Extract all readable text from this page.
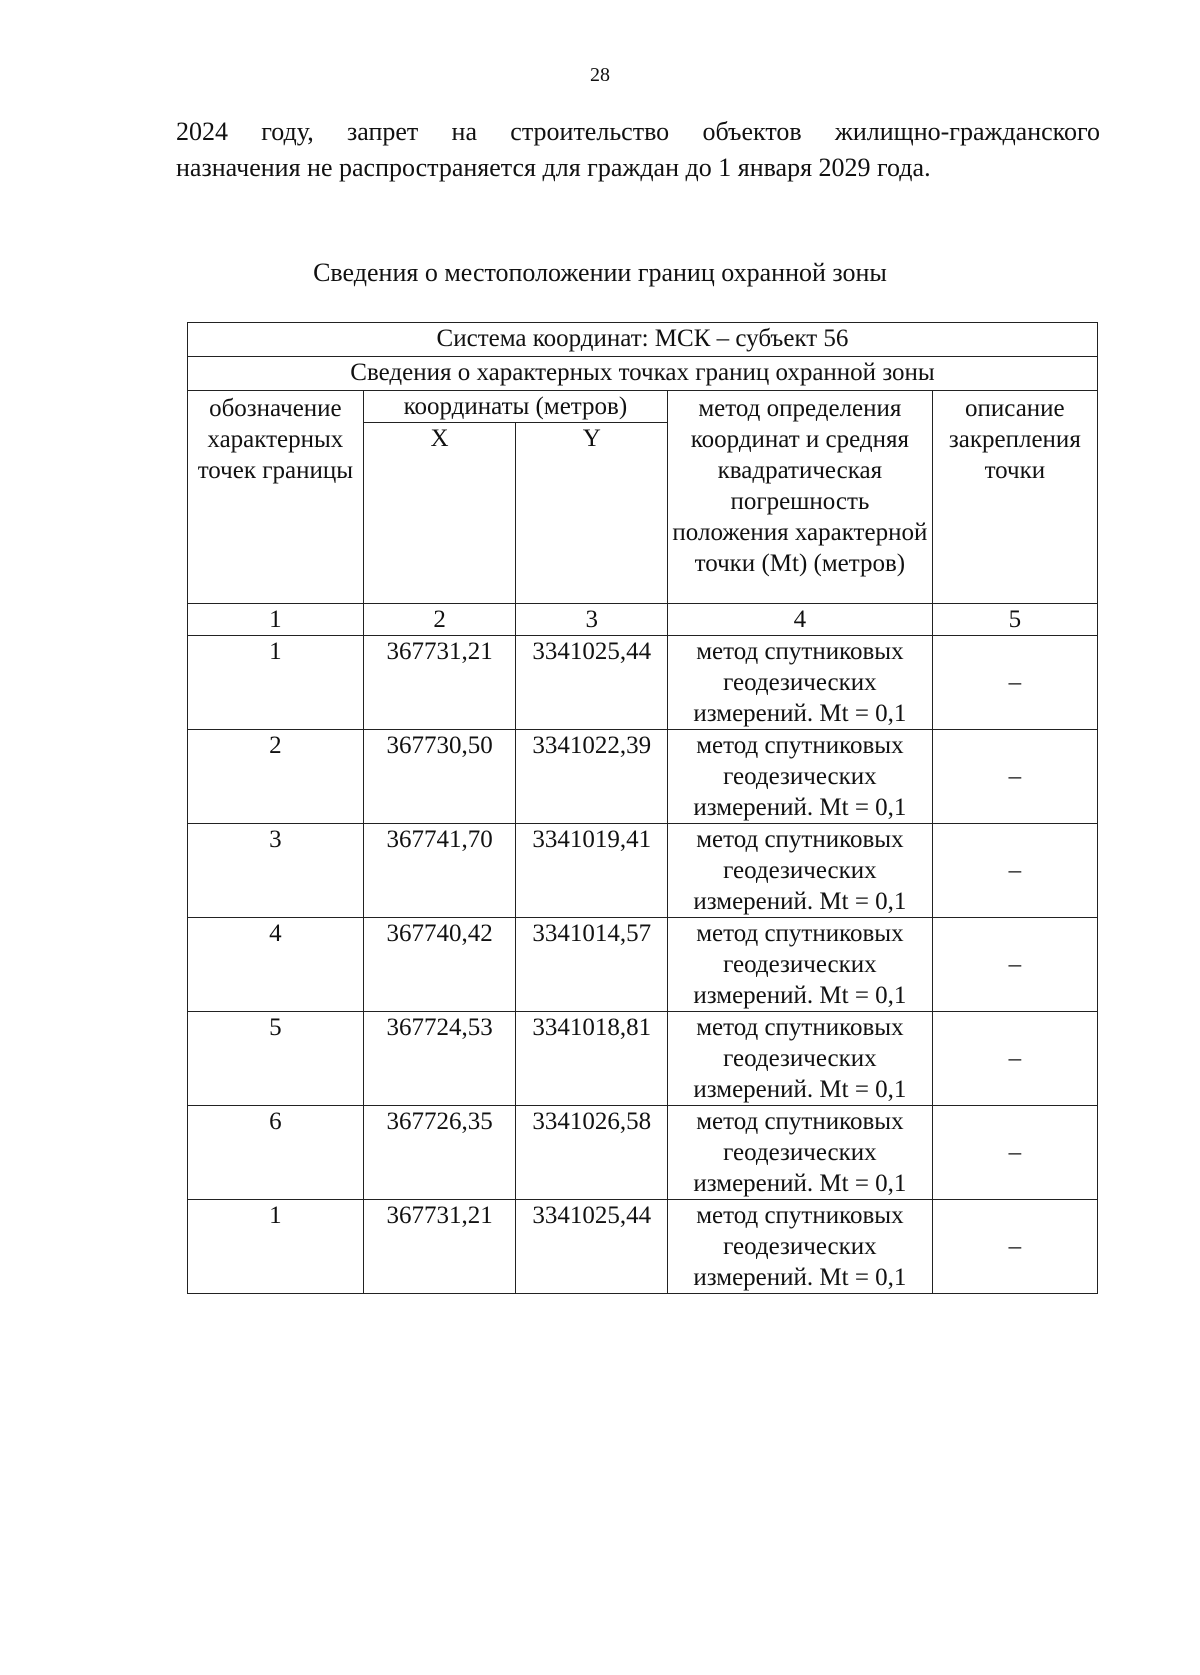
28
2024 году, запрет на строительство объектов жилищно-гражданского
назначения не распространяется для граждан до 1 января 2029 года.
Сведения о местоположении границ охранной зоны
Система координат: МСК – субъект 56				
Сведения о характерных точках границ охранной зоны				
обозначение характерных точек границы	координаты (метров)		метод определения координат и средняя квадратическая погрешность положения характерной точки (Mt) (метров)	описание закрепления точки
	X	Y		
1	2	3	4	5
1	367731,21	3341025,44	метод спутниковых геодезических измерений. Mt = 0,1	–
2	367730,50	3341022,39	метод спутниковых геодезических измерений. Mt = 0,1	–
3	367741,70	3341019,41	метод спутниковых геодезических измерений. Mt = 0,1	–
4	367740,42	3341014,57	метод спутниковых геодезических измерений. Mt = 0,1	–
5	367724,53	3341018,81	метод спутниковых геодезических измерений. Mt = 0,1	–
6	367726,35	3341026,58	метод спутниковых геодезических измерений. Mt = 0,1	–
1	367731,21	3341025,44	метод спутниковых геодезических измерений. Mt = 0,1	–
